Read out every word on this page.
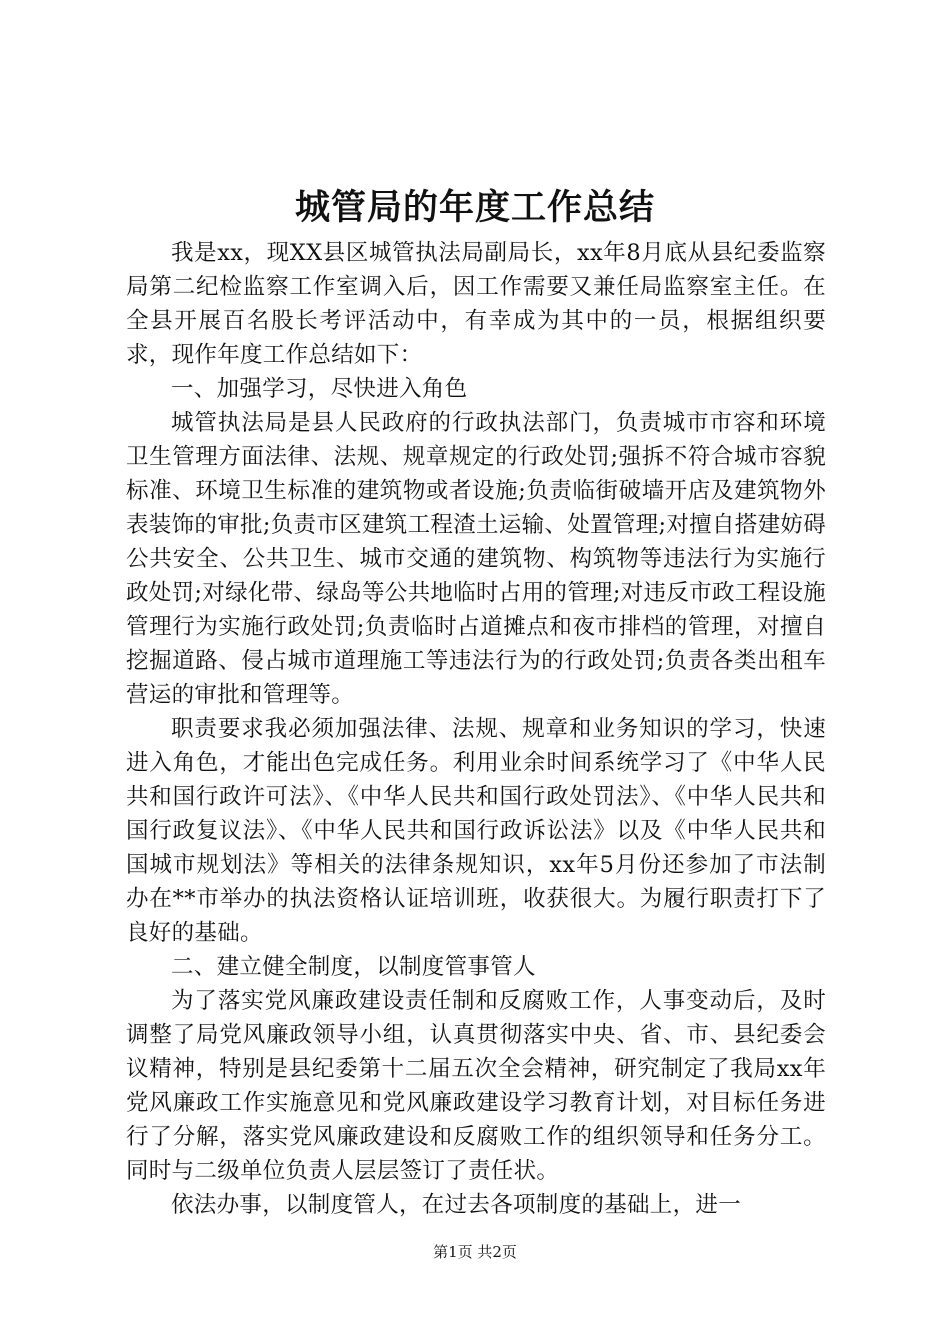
城管局的年度工作总结

我是xx，现XX县区城管执法局副局长，xx年8月底从县纪委监察局第二纪检监察工作室调入后，因工作需要又兼任局监察室主任。在全县开展百名股长考评活动中，有幸成为其中的一员，根据组织要求，现作年度工作总结如下：

一、加强学习，尽快进入角色

城管执法局是县人民政府的行政执法部门，负责城市市容和环境卫生管理方面法律、法规、规章规定的行政处罚;强拆不符合城市容貌标准、环境卫生标准的建筑物或者设施;负责临街破墙开店及建筑物外表装饰的审批;负责市区建筑工程渣土运输、处置管理;对擅自搭建妨碍公共安全、公共卫生、城市交通的建筑物、构筑物等违法行为实施行政处罚;对绿化带、绿岛等公共地临时占用的管理;对违反市政工程设施管理行为实施行政处罚;负责临时占道摊点和夜市排档的管理，对擅自挖掘道路、侵占城市道理施工等违法行为的行政处罚;负责各类出租车营运的审批和管理等。

职责要求我必须加强法律、法规、规章和业务知识的学习，快速进入角色，才能出色完成任务。利用业余时间系统学习了《中华人民共和国行政许可法》、《中华人民共和国行政处罚法》、《中华人民共和国行政复议法》、《中华人民共和国行政诉讼法》以及《中华人民共和国城市规划法》等相关的法律条规知识，xx年5月份还参加了市法制办在**市举办的执法资格认证培训班，收获很大。为履行职责打下了良好的基础。

二、建立健全制度，以制度管事管人

为了落实党风廉政建设责任制和反腐败工作，人事变动后，及时调整了局党风廉政领导小组，认真贯彻落实中央、省、市、县纪委会议精神，特别是县纪委第十二届五次全会精神，研究制定了我局xx年党风廉政工作实施意见和党风廉政建设学习教育计划，对目标任务进行了分解，落实党风廉政建设和反腐败工作的组织领导和任务分工。同时与二级单位负责人层层签订了责任状。

依法办事，以制度管人，在过去各项制度的基础上，进一

第1页 共2页
